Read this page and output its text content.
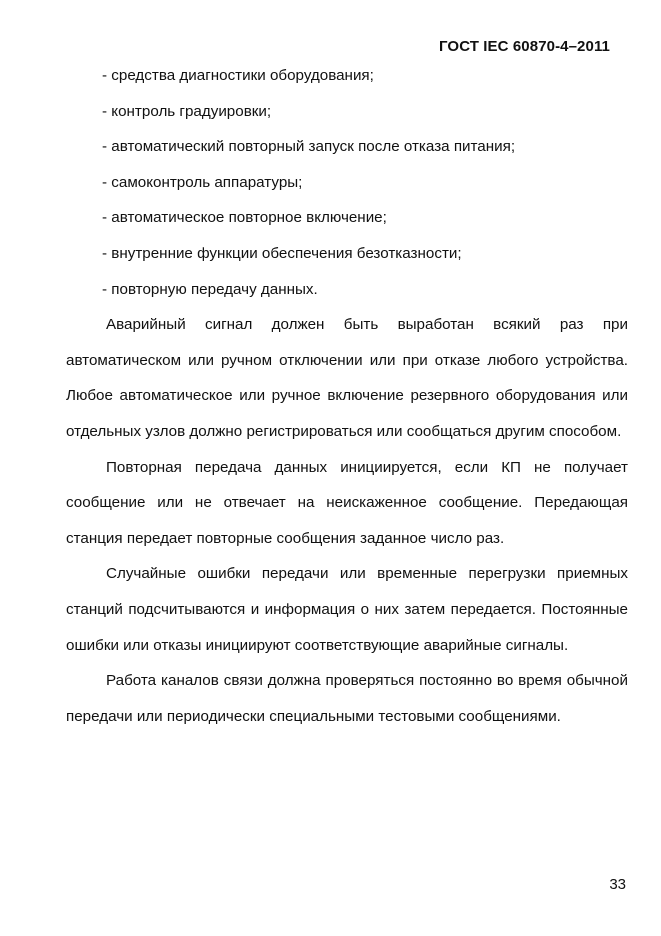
ГОСТ IEC 60870-4–2011
- средства диагностики оборудования;
- контроль градуировки;
- автоматический повторный запуск после отказа питания;
- самоконтроль аппаратуры;
- автоматическое повторное включение;
- внутренние функции обеспечения безотказности;
- повторную передачу данных.
Аварийный сигнал должен быть выработан всякий раз при автоматическом или ручном отключении или при отказе любого устройства. Любое автоматическое или ручное включение резервного оборудования или отдельных узлов должно регистрироваться или сообщаться другим способом.
Повторная передача данных инициируется, если КП не получает сообщение или не отвечает на неискаженное сообщение. Передающая станция передает повторные сообщения заданное число раз.
Случайные ошибки передачи или временные перегрузки приемных станций подсчитываются и информация о них затем передается. Постоянные ошибки или отказы инициируют соответствующие аварийные сигналы.
Работа каналов связи должна проверяться постоянно во время обычной передачи или периодически специальными тестовыми сообщениями.
33
